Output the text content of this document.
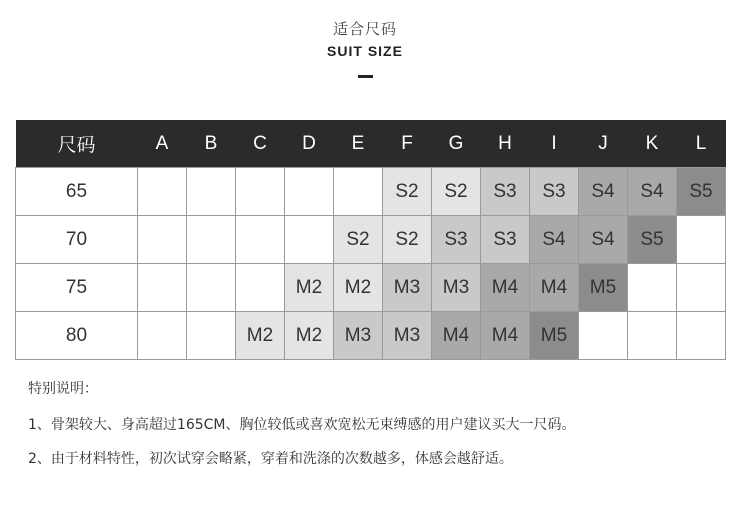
适合尺码
SUIT SIZE
尺码	A	B	C	D	E	F	G	H	I	J	K	L
65						S2	S2	S3	S3	S4	S4	S5
70					S2	S2	S3	S3	S4	S4	S5	
75				M2	M2	M3	M3	M4	M4	M5		
80			M2	M2	M3	M3	M4	M4	M5			

特别说明：

1、骨架较大、身高超过165CM、胸位较低或喜欢宽松无束缚感的用户建议买大一尺码。

2、由于材料特性，初次试穿会略紧，穿着和洗涤的次数越多，体感会越舒适。
